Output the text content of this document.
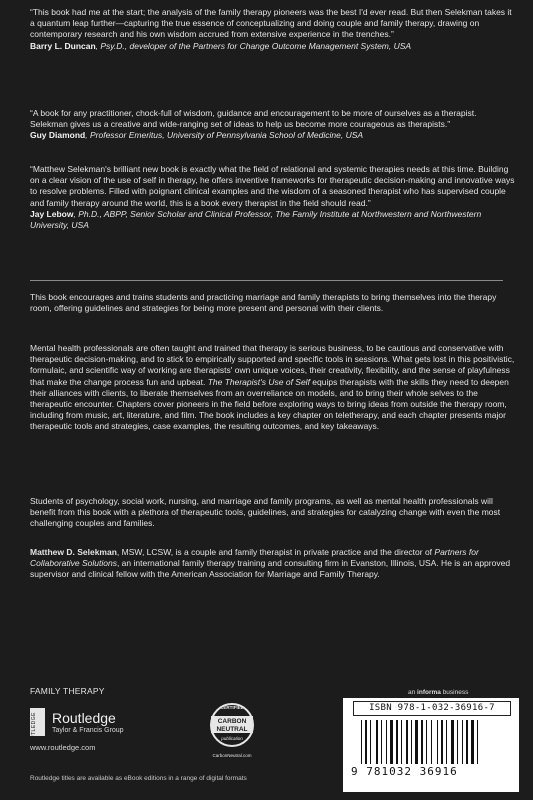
“This book had me at the start; the analysis of the family therapy pioneers was the best I'd ever read. But then Selekman takes it a quantum leap further—capturing the true essence of conceptualizing and doing couple and family therapy, drawing on contemporary research and his own wisdom accrued from extensive experience in the trenches.”

Barry L. Duncan, Psy.D., developer of the Partners for Change Outcome Management System, USA

“A book for any practitioner, chock-full of wisdom, guidance and encouragement to be more of ourselves as a therapist. Selekman gives us a creative and wide-ranging set of ideas to help us become more courageous as therapists.”

Guy Diamond, Professor Emeritus, University of Pennsylvania School of Medicine, USA

“Matthew Selekman's brilliant new book is exactly what the field of relational and systemic therapies needs at this time. Building on a clear vision of the use of self in therapy, he offers inventive frameworks for therapeutic decision-making and innovative ways to resolve problems. Filled with poignant clinical examples and the wisdom of a seasoned therapist who has supervised couple and family therapy around the world, this is a book every therapist in the field should read.”

Jay Lebow, Ph.D., ABPP, Senior Scholar and Clinical Professor, The Family Institute at Northwestern and Northwestern University, USA

This book encourages and trains students and practicing marriage and family therapists to bring themselves into the therapy room, offering guidelines and strategies for being more present and personal with their clients.

Mental health professionals are often taught and trained that therapy is serious business, to be cautious and conservative with therapeutic decision-making, and to stick to empirically supported and specific tools in sessions. What gets lost in this positivistic, formulaic, and scientific way of working are therapists' own unique voices, their creativity, flexibility, and the sense of playfulness that make the change process fun and upbeat. The Therapist's Use of Self equips therapists with the skills they need to deepen their alliances with clients, to liberate themselves from an overreliance on models, and to bring their whole selves to the therapeutic encounter. Chapters cover pioneers in the field before exploring ways to bring ideas from outside the therapy room, including from music, art, literature, and film. The book includes a key chapter on teletherapy, and each chapter presents major therapeutic tools and strategies, case examples, the resulting outcomes, and key takeaways.

Students of psychology, social work, nursing, and marriage and family programs, as well as mental health professionals will benefit from this book with a plethora of therapeutic tools, guidelines, and strategies for catalyzing change with even the most challenging couples and families.

Matthew D. Selekman, MSW, LCSW, is a couple and family therapist in private practice and the director of Partners for Collaborative Solutions, an international family therapy training and consulting firm in Evanston, Illinois, USA. He is an approved supervisor and clinical fellow with the American Association for Marriage and Family Therapy.

FAMILY THERAPY
ROUTLEDGE Routledge
Taylor & Francis Group
www.routledge.com
CERTIFIED
CARBON
NEUTRAL
publication
CarbonNeutral.com
an informa business
ISBN 978-1-032-36916-7
9 781032 36916
Routledge titles are available as eBook editions in a range of digital formats
